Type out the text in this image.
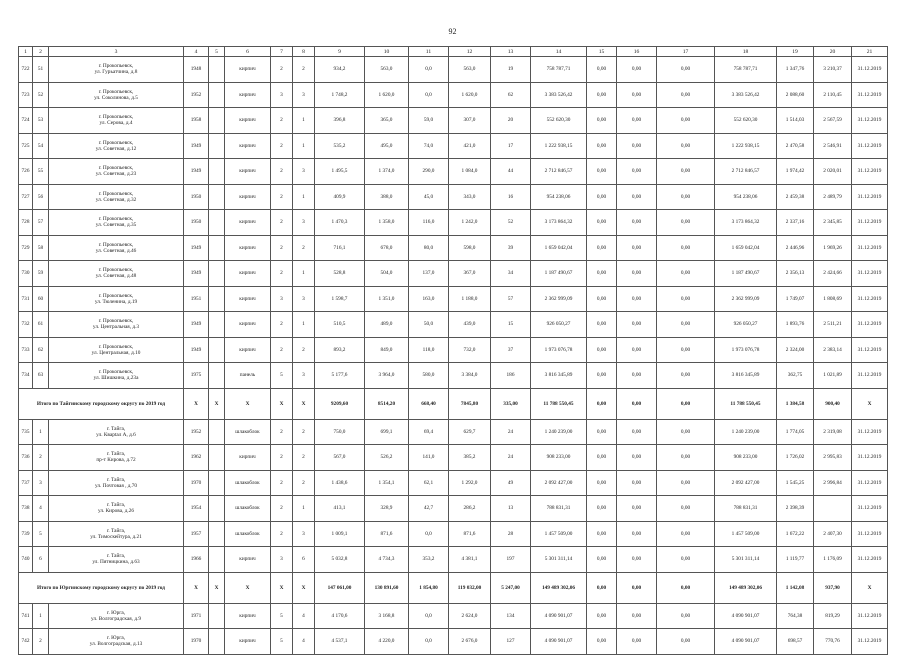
92
1	2	3	4	5	6	7	8	9	10	11	12	13	14	15	16	17	18	19	20	21
722	51	г. Прокопьевск,
ул. Гурьатчина, д.8	1948		кирпич	2	2	934,2	563,0	0,0	563,0	19	758 787,71	0,00	0,00	0,00	758 787,71	1 347,76	3 210,37	31.12.2019
723	52	г. Прокопьевск,
ул. Соколинова, д.5	1952		кирпич	3	3	1 748,2	1 620,0	0,0	1 620,0	62	3 383 526,42	0,00	0,00	0,00	3 383 526,42	2 088,60	2 110,45	31.12.2019
724	53	г. Прокопьевск,
ул. Серова, д.4	1958		кирпич	2	1	396,8	365,0	59,0	307,0	20	552 620,30	0,00	0,00	0,00	552 620,30	1 514,03	2 567,59	31.12.2019
725	54	г. Прокопьевск,
ул. Советная, д.12	1949		кирпич	2	1	535,2	495,0	74,0	421,0	17	1 222 938,15	0,00	0,00	0,00	1 222 938,15	2 470,58	2 546,91	31.12.2019
726	55	г. Прокопьевск,
ул. Советная, д.23	1949		кирпич	2	3	1 495,5	1 374,0	290,0	1 084,0	44	2 712 846,57	0,00	0,00	0,00	2 712 846,57	1 974,42	2 020,01	31.12.2019
727	56	г. Прокопьевск,
ул. Советная, д.32	1950		кирпич	2	1	409,9	388,0	45,0	343,0	16	954 238,06	0,00	0,00	0,00	954 238,06	2 459,38	2 489,79	31.12.2019
728	57	г. Прокопьевск,
ул. Советная, д.35	1950		кирпич	2	3	1 470,3	1 358,0	116,0	1 242,0	52	3 173 864,32	0,00	0,00	0,00	3 173 864,32	2 337,16	2 345,85	31.12.2019
729	58	г. Прокопьевск,
ул. Советная, д.46	1949		кирпич	2	2	716,1	678,0	80,0	598,0	39	1 659 042,04	0,00	0,00	0,00	1 659 042,04	2 446,96	1 969,26	31.12.2019
730	59	г. Прокопьевск,
ул. Советная, д.48	1949		кирпич	2	1	528,8	504,0	137,0	367,0	34	1 187 490,67	0,00	0,00	0,00	1 187 490,67	2 356,13	2 424,66	31.12.2019
731	60	г. Прокопьевск,
ул. Тюленина, д.19	1951		кирпич	3	3	1 598,7	1 351,0	163,0	1 188,0	57	2 362 999,09	0,00	0,00	0,00	2 362 999,09	1 749,07	1 808,69	31.12.2019
732	61	г. Прокопьевск,
ул. Центральная, д.3	1949		кирпич	2	1	510,5	489,0	50,0	439,0	15	926 050,27	0,00	0,00	0,00	926 050,27	1 893,76	2 511,21	31.12.2019
733	62	г. Прокопьевск,
ул. Центральная, д.10	1949		кирпич	2	2	893,2	849,0	118,0	732,0	37	1 973 076,78	0,00	0,00	0,00	1 973 076,78	2 324,00	2 383,14	31.12.2019
734	63	г. Прокопьевск,
ул. Шишкина, д.23а	1975		панель	5	3	5 177,6	3 964,0	580,0	3 384,0	186	3 816 345,89	0,00	0,00	0,00	3 816 345,89	362,75	1 021,89	31.12.2019
Итого по Тайгинскому городскому округу по 2019 год			X	X	X	X	X	9209,60	8514,20	668,40	7845,80	335,00	11 788 550,45	0,00	0,00	0,00	11 788 550,45	1 384,58	900,40	X
735	1	г. Тайга,
ул. Кварtал А, д.6	1952		шлакоблок	2	2	750,0	699,1	69,4	629,7	24	1 240 239,00	0,00	0,00	0,00	1 240 239,00	1 774,05	2 319,08	31.12.2019
736	2	г. Тайга,
пр-т Кирова, д.72	1962		кирпич	2	2	567,0	526,2	141,0	385,2	24	908 233,00	0,00	0,00	0,00	908 233,00	1 726,02	2 995,83	31.12.2019
737	3	г. Тайга,
ул. Почтовая , д.70	1970		шлакоблок	2	2	1 438,6	1 354,1	62,1	1 292,0	49	2 092 427,00	0,00	0,00	0,00	2 092 427,00	1 545,25	2 996,84	31.12.2019
738	4	г. Тайга,
ул. Кирова, д.26	1954		шлакоблок	2	1	413,1	328,9	42,7	286,2	13	788 831,31	0,00	0,00	0,00	788 831,31	2 398,39		31.12.2019
739	5	г. Тайга,
ул. Тимоскейтура, д.21	1957		шлакоблок	2	3	1 009,1	871,6	0,0	871,6	28	1 457 509,00	0,00	0,00	0,00	1 457 509,00	1 672,22	2 407,30	31.12.2019
740	6	г. Тайга,
ул. Пятницкина, д.63	1966		кирпич	3	6	5 032,8	4 734,3	353,2	4 381,1	197	5 301 311,14	0,00	0,00	0,00	5 301 311,14	1 119,77	1 176,09	31.12.2019
Итого по Юргинскому городскому округу по 2019 год			X	X	X	X	X	147 061,00	130 891,60	1 854,80	119 032,00	5 247,00	149 489 302,06	0,00	0,00	0,00	149 489 302,06	1 142,08	937,90	X
741	1	г. Юрга,
ул. Волгоградская, д.9	1971		кирпич	5	4	4 170,6	3 168,8	0,0	2 624,0	134	4 090 901,07	0,00	0,00	0,00	4 090 901,07	764,38	819,29	31.12.2019
742	2	г. Юрга,
ул. Волгоградская, д.13	1970		кирпич	5	4	4 537,1	4 220,0	0,0	2 676,0	127	4 090 901,07	0,00	0,00	0,00	4 090 901,07	698,57	770,76	31.12.2019
